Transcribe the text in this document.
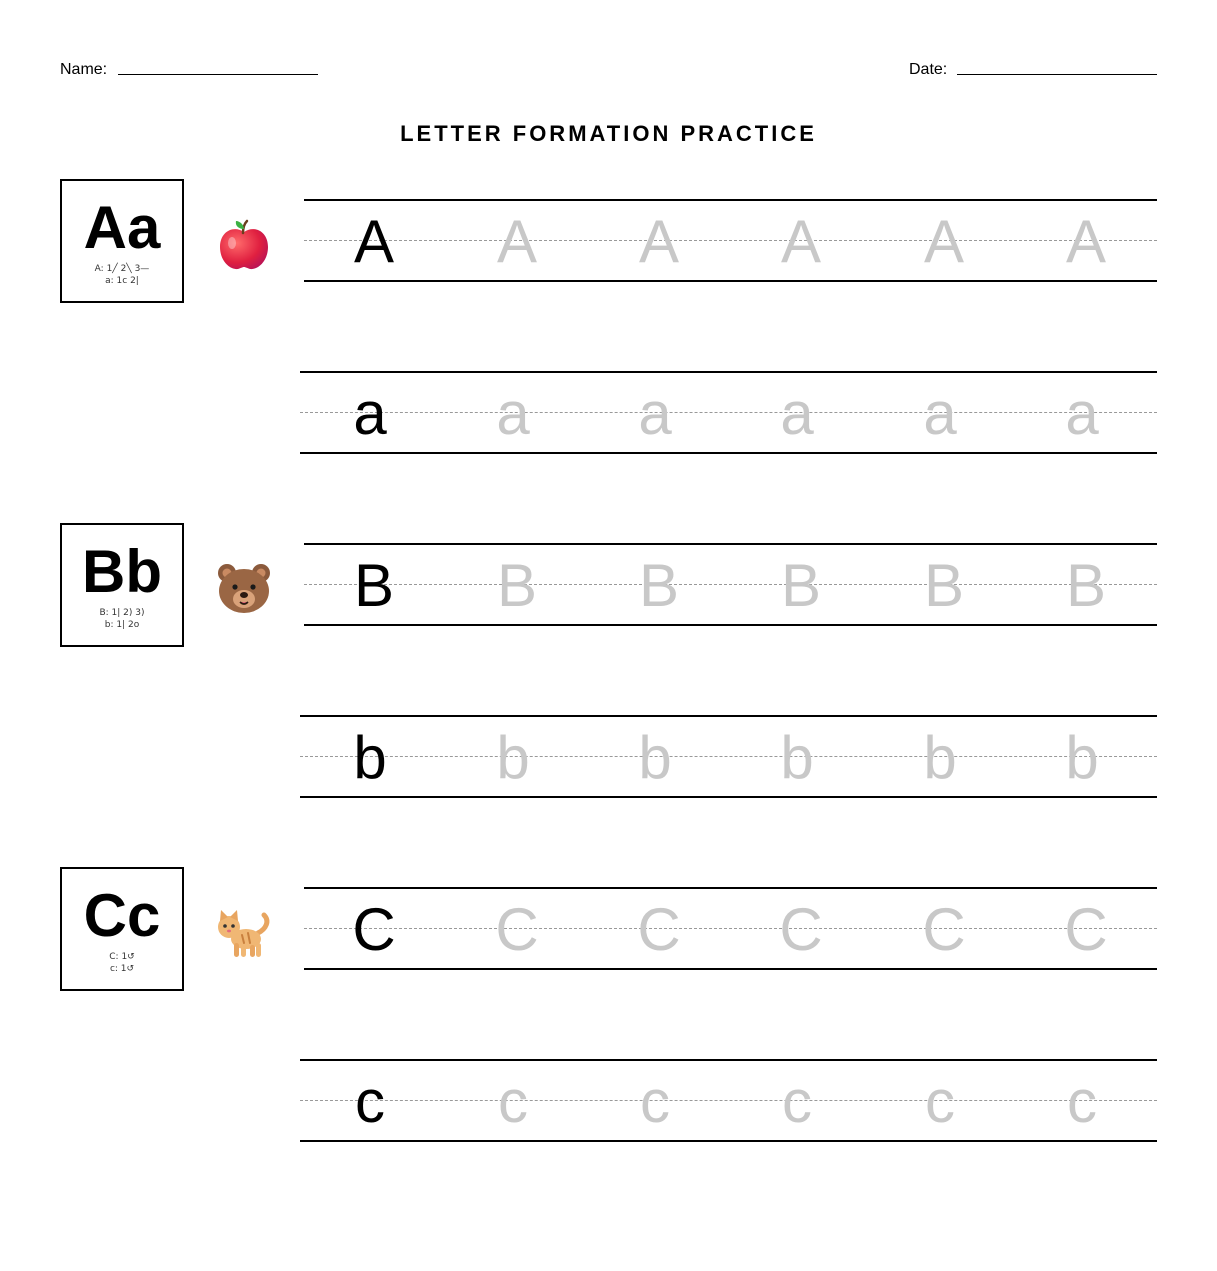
Name:	Date:
LETTER FORMATION PRACTICE
Aa
A: 1╱ 2╲ 3—
a: 1c 2|
A	A	A	A	A	A
a	a	a	a	a	a
Bb
B: 1| 2) 3)
b: 1| 2o
B	B	B	B	B	B
b	b	b	b	b	b
Cc
C: 1↺
c: 1↺
C	C	C	C	C	C
c	c	c	c	c	c
